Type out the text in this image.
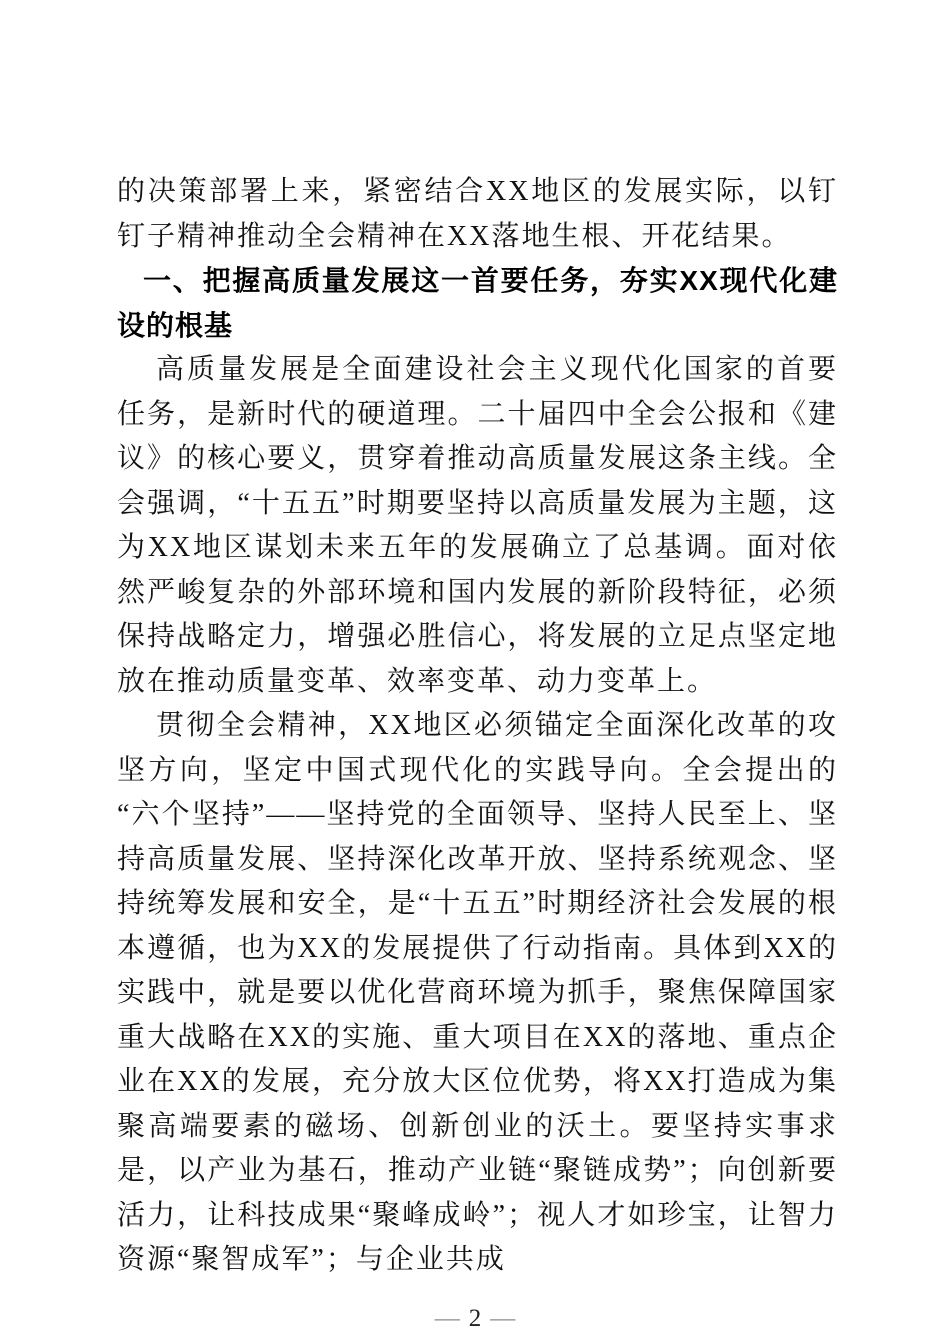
的决策部署上来，紧密结合XX地区的发展实际，以钉钉子精神推动全会精神在XX落地生根、开花结果。

一、把握高质量发展这一首要任务，夯实XX现代化建设的根基

高质量发展是全面建设社会主义现代化国家的首要任务，是新时代的硬道理。二十届四中全会公报和《建议》的核心要义，贯穿着推动高质量发展这条主线。全会强调，“十五五”时期要坚持以高质量发展为主题，这为XX地区谋划未来五年的发展确立了总基调。面对依然严峻复杂的外部环境和国内发展的新阶段特征，必须保持战略定力，增强必胜信心，将发展的立足点坚定地放在推动质量变革、效率变革、动力变革上。

贯彻全会精神，XX地区必须锚定全面深化改革的攻坚方向，坚定中国式现代化的实践导向。全会提出的“六个坚持”——坚持党的全面领导、坚持人民至上、坚持高质量发展、坚持深化改革开放、坚持系统观念、坚持统筹发展和安全，是“十五五”时期经济社会发展的根本遵循，也为XX的发展提供了行动指南。具体到XX的实践中，就是要以优化营商环境为抓手，聚焦保障国家重大战略在XX的实施、重大项目在XX的落地、重点企业在XX的发展，充分放大区位优势，将XX打造成为集聚高端要素的磁场、创新创业的沃土。要坚持实事求是，以产业为基石，推动产业链“聚链成势”；向创新要活力，让科技成果“聚峰成岭”；视人才如珍宝，让智力资源“聚智成军”；与企业共成

— 2 —
